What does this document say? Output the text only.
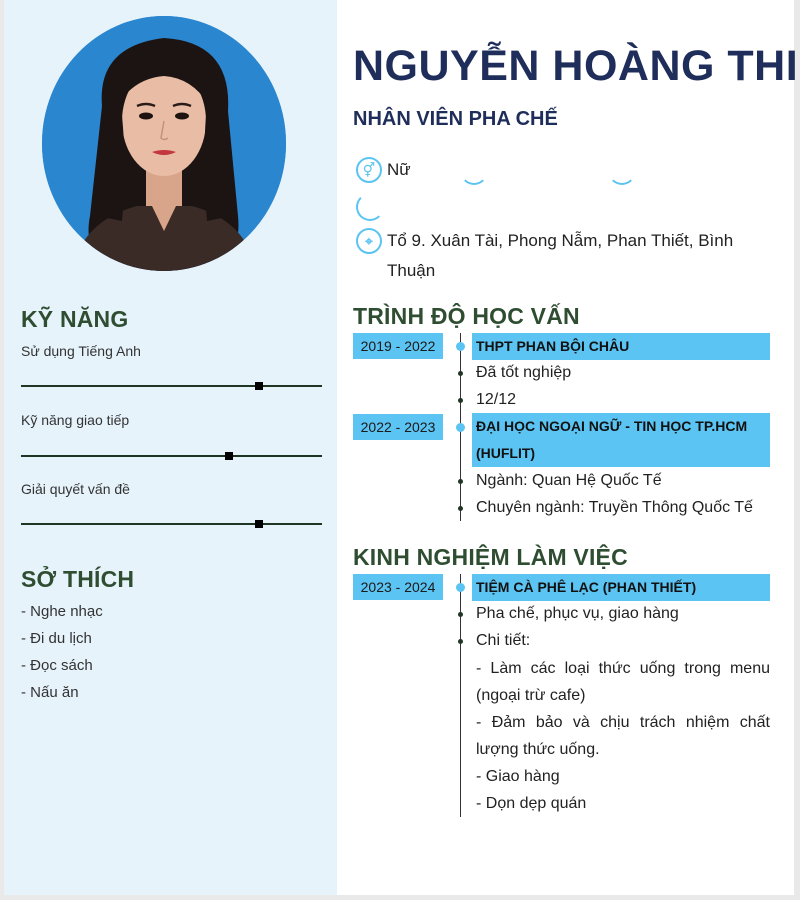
KỸ NĂNG
Sử dụng Tiếng Anh
Kỹ năng giao tiếp
Giải quyết vấn đề
SỞ THÍCH
- Nghe nhạc
- Đi du lịch
- Đọc sách
- Nấu ăn
NGUYỄN HOÀNG THI
NHÂN VIÊN PHA CHẾ
⚥ Nữ
⌖ Tổ 9. Xuân Tài, Phong Nẫm, Phan Thiết, Bình
Thuận
TRÌNH ĐỘ HỌC VẤN
2019 - 2022	THPT PHAN BỘI CHÂU
Đã tốt nghiệp
12/12
2022 - 2023	ĐẠI HỌC NGOẠI NGỮ - TIN HỌC TP.HCM
(HUFLIT)
Ngành: Quan Hệ Quốc Tế
Chuyên ngành: Truyền Thông Quốc Tế
KINH NGHIỆM LÀM VIỆC
2023 - 2024	TIỆM CÀ PHÊ LẠC (PHAN THIẾT)
Pha chế, phục vụ, giao hàng
Chi tiết:
- Làm các loại thức uống trong menu (ngoại trừ cafe)
- Đảm bảo và chịu trách nhiệm chất lượng thức uống.
- Giao hàng
- Dọn dẹp quán
